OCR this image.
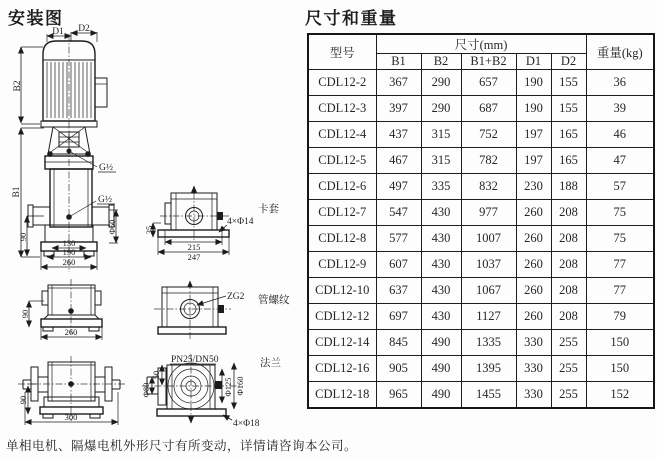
安装图	尺寸和重量
D1 D2
B2
B1
90
Φ60
130
190
260
G½
G½
90
260
90
300
35
215
247
4×Φ14
卡套
ZG2 管螺纹
PN25/DN50
50
Φ80	Φ125 Φ160
4×Φ18
法兰
型号	尺寸(mm)					重量(kg)
	B1	B2	B1+B2	D1	D2	
CDL12-2	367	290	657	190	155	36
CDL12-3	397	290	687	190	155	39
CDL12-4	437	315	752	197	165	46
CDL12-5	467	315	782	197	165	47
CDL12-6	497	335	832	230	188	57
CDL12-7	547	430	977	260	208	75
CDL12-8	577	430	1007	260	208	75
CDL12-9	607	430	1037	260	208	77
CDL12-10	637	430	1067	260	208	77
CDL12-12	697	430	1127	260	208	79
CDL12-14	845	490	1335	330	255	150
CDL12-16	905	490	1395	330	255	150
CDL12-18	965	490	1455	330	255	152
单相电机、隔爆电机外形尺寸有所变动，详情请咨询本公司。
